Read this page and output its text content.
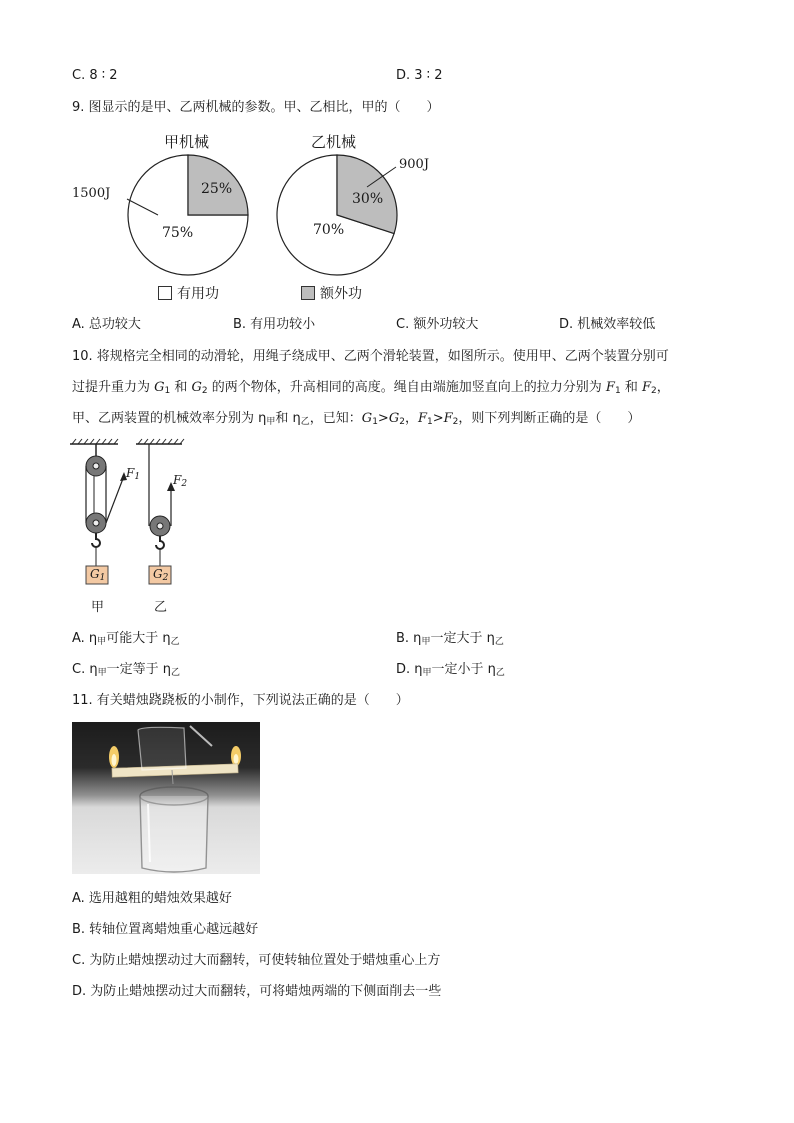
C. 8 ∶ 2	D. 3 ∶ 2
9. 图显示的是甲、乙两机械的参数。甲、乙相比，甲的（　　）
甲机械	乙机械
25%
75%
1500J	30%
70%
900J
有用功	额外功
A. 总功较大	B. 有用功较小	C. 额外功较大	D. 机械效率较低
10. 将规格完全相同的动滑轮，用绳子绕成甲、乙两个滑轮装置，如图所示。使用甲、乙两个装置分别可
过提升重力为 $G_1$ 和 $G_2$ 的两个物体，升高相同的高度。绳自由端施加竖直向上的拉力分别为 $F_1$ 和 $F_2$，
甲、乙两装置的机械效率分别为 $\eta_甲$和 $\eta_乙$，已知：$G_1>G_2$，$F_1>F_2$，则下列判断正确的是（　　）
$F_1$	$F_2$
$G_1$	$G_2$
甲	乙
A. $\eta_甲$可能大于 $\eta_乙$	B. $\eta_甲$一定大于 $\eta_乙$
C. $\eta_甲$一定等于 $\eta_乙$	D. $\eta_甲$一定小于 $\eta_乙$
11. 有关蜡烛跷跷板的小制作，下列说法正确的是（　　）
A. 选用越粗的蜡烛效果越好
B. 转轴位置离蜡烛重心越远越好
C. 为防止蜡烛摆动过大而翻转，可使转轴位置处于蜡烛重心上方
D. 为防止蜡烛摆动过大而翻转，可将蜡烛两端的下侧面削去一些
